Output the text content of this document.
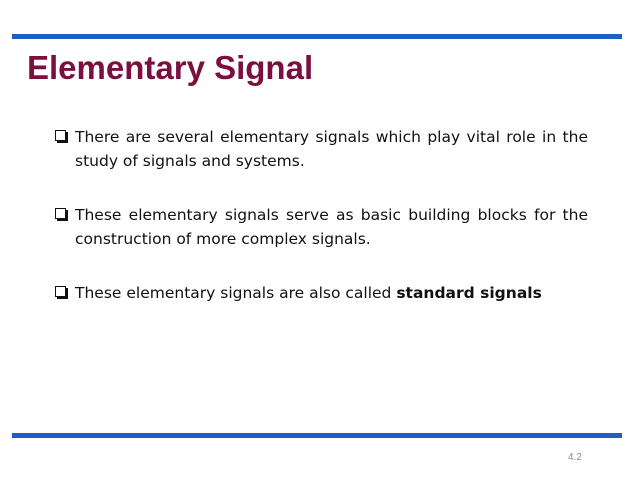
Elementary Signal
There are several elementary signals which play vital role in the study of signals and systems.
These elementary signals serve as basic building blocks for the construction of more complex signals.
These elementary signals are also called standard signals
4.2
